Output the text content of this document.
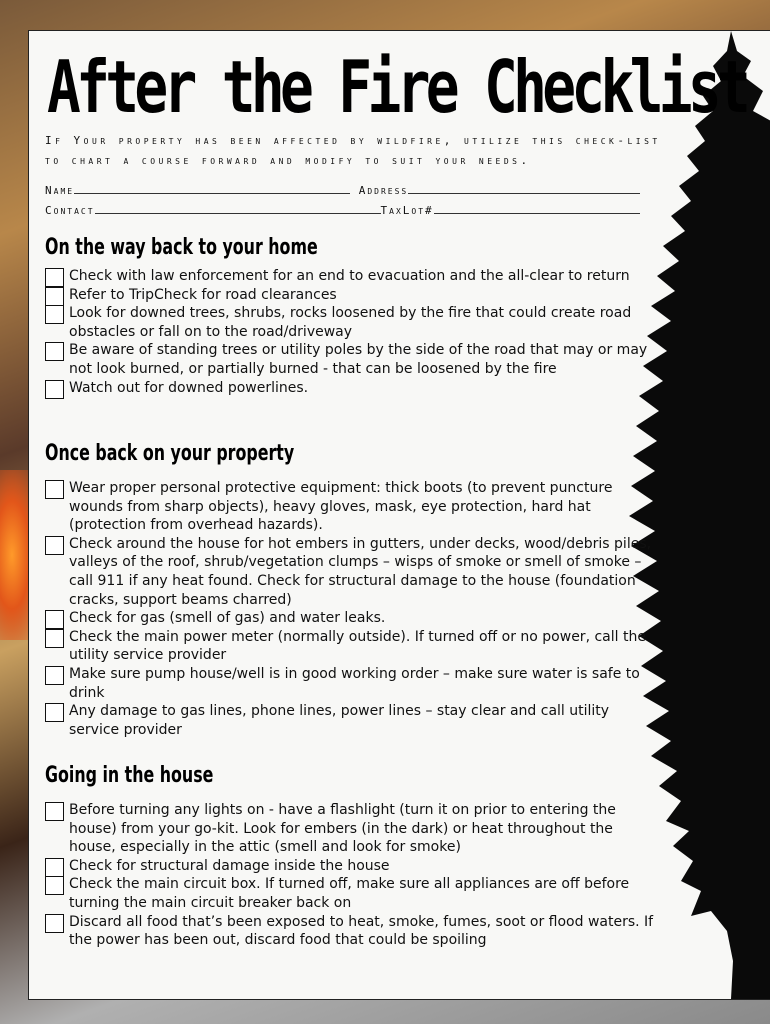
After the Fire Checklist
If Your property has been affected by wildfire, utilize this check-list to chart a course forward and modify to suit your needs.
Name	Address
Contact	TaxLot#
On the way back to your home
Check with law enforcement for an end to evacuation and the all-clear to return
Refer to TripCheck for road clearances
Look for downed trees, shrubs, rocks loosened by the fire that could create road obstacles or fall on to the road/driveway
Be aware of standing trees or utility poles by the side of the road that may or may not look burned, or partially burned - that can be loosened by the fire
Watch out for downed powerlines.
Once back on your property
Wear proper personal protective equipment: thick boots (to prevent puncture wounds from sharp objects), heavy gloves, mask, eye protection, hard hat (protection from overhead hazards).
Check around the house for hot embers in gutters, under decks, wood/debris piles, valleys of the roof, shrub/vegetation clumps – wisps of smoke or smell of smoke – call 911 if any heat found. Check for structural damage to the house (foundation cracks, support beams charred)
Check for gas (smell of gas) and water leaks.
Check the main power meter (normally outside). If turned off or no power, call the utility service provider
Make sure pump house/well is in good working order – make sure water is safe to drink
Any damage to gas lines, phone lines, power lines – stay clear and call utility service provider
Going in the house
Before turning any lights on - have a flashlight (turn it on prior to entering the house) from your go-kit. Look for embers (in the dark) or heat throughout the house, especially in the attic (smell and look for smoke)
Check for structural damage inside the house
Check the main circuit box. If turned off, make sure all appliances are off before turning the main circuit breaker back on
Discard all food that’s been exposed to heat, smoke, fumes, soot or flood waters. If the power has been out, discard food that could be spoiling
